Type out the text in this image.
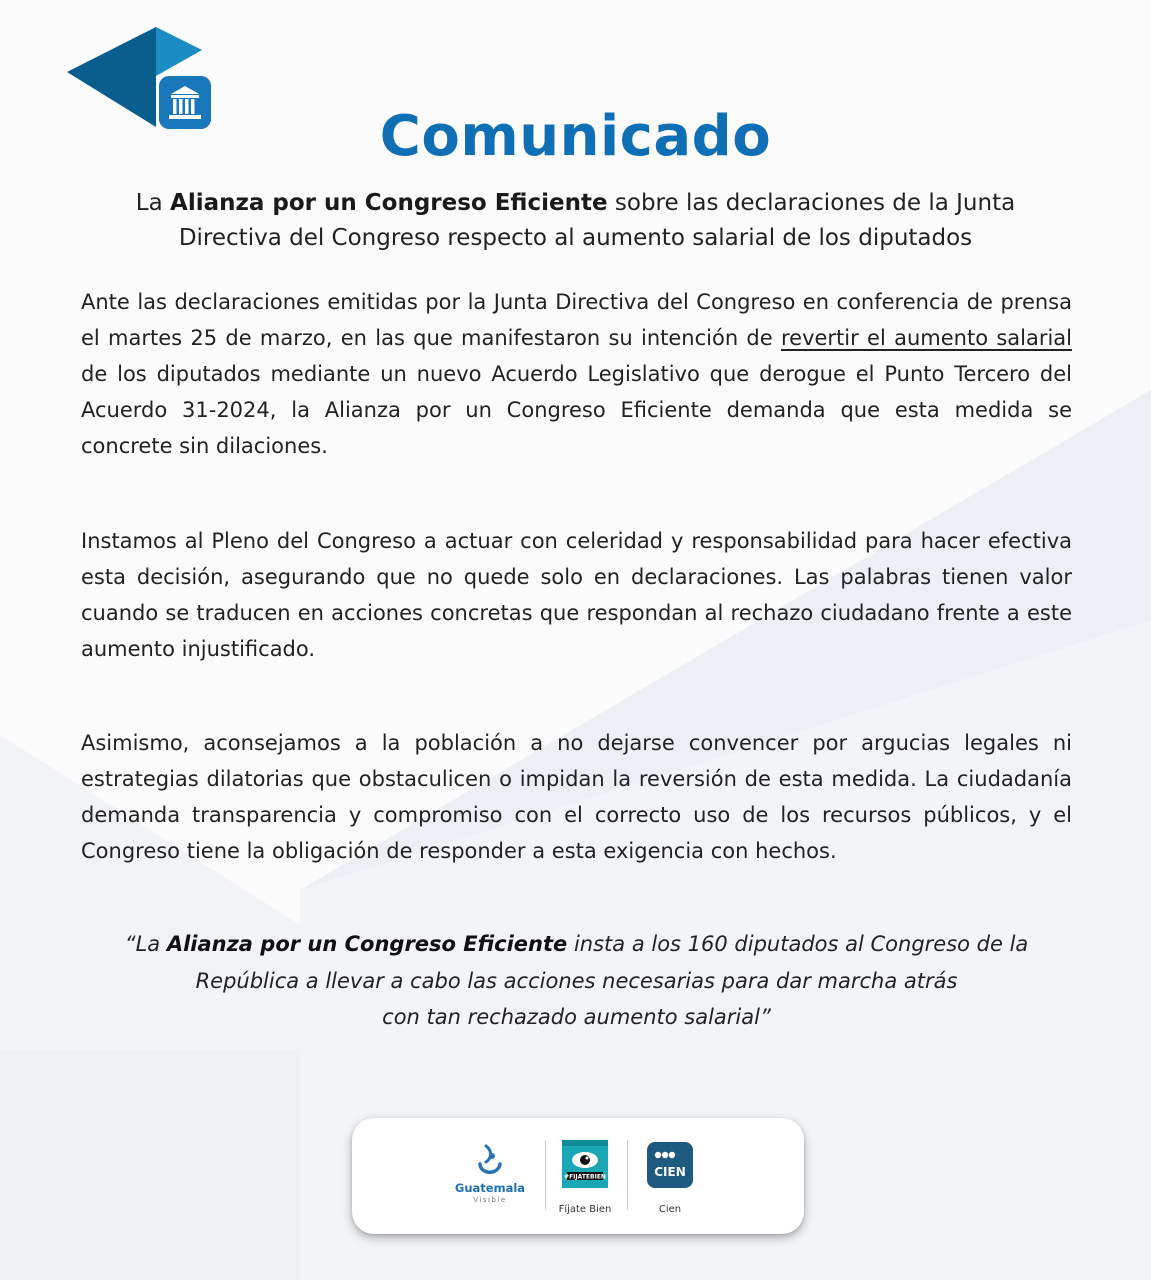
Comunicado

La Alianza por un Congreso Eficiente sobre las declaraciones de la Junta Directiva del Congreso respecto al aumento salarial de los diputados

Ante las declaraciones emitidas por la Junta Directiva del Congreso en conferencia de prensa el martes 25 de marzo, en las que manifestaron su intención de revertir el aumento salarial de los diputados mediante un nuevo Acuerdo Legislativo que derogue el Punto Tercero del Acuerdo 31-2024, la Alianza por un Congreso Eficiente demanda que esta medida se concrete sin dilaciones.

Instamos al Pleno del Congreso a actuar con celeridad y responsabilidad para hacer efectiva esta decisión, asegurando que no quede solo en declaraciones. Las palabras tienen valor cuando se traducen en acciones concretas que respondan al rechazo ciudadano frente a este aumento injustificado.

Asimismo, aconsejamos a la población a no dejarse convencer por argucias legales ni estrategias dilatorias que obstaculicen o impidan la reversión de esta medida. La ciudadanía demanda transparencia y compromiso con el correcto uso de los recursos públicos, y el Congreso tiene la obligación de responder a esta exigencia con hechos.

“La Alianza por un Congreso Eficiente insta a los 160 diputados al Congreso de la
República a llevar a cabo las acciones necesarias para dar marcha atrás
con tan rechazado aumento salarial”

Guatemala
Visible
#FIJATEBIEN
Fíjate Bien
CIEN
Cien
